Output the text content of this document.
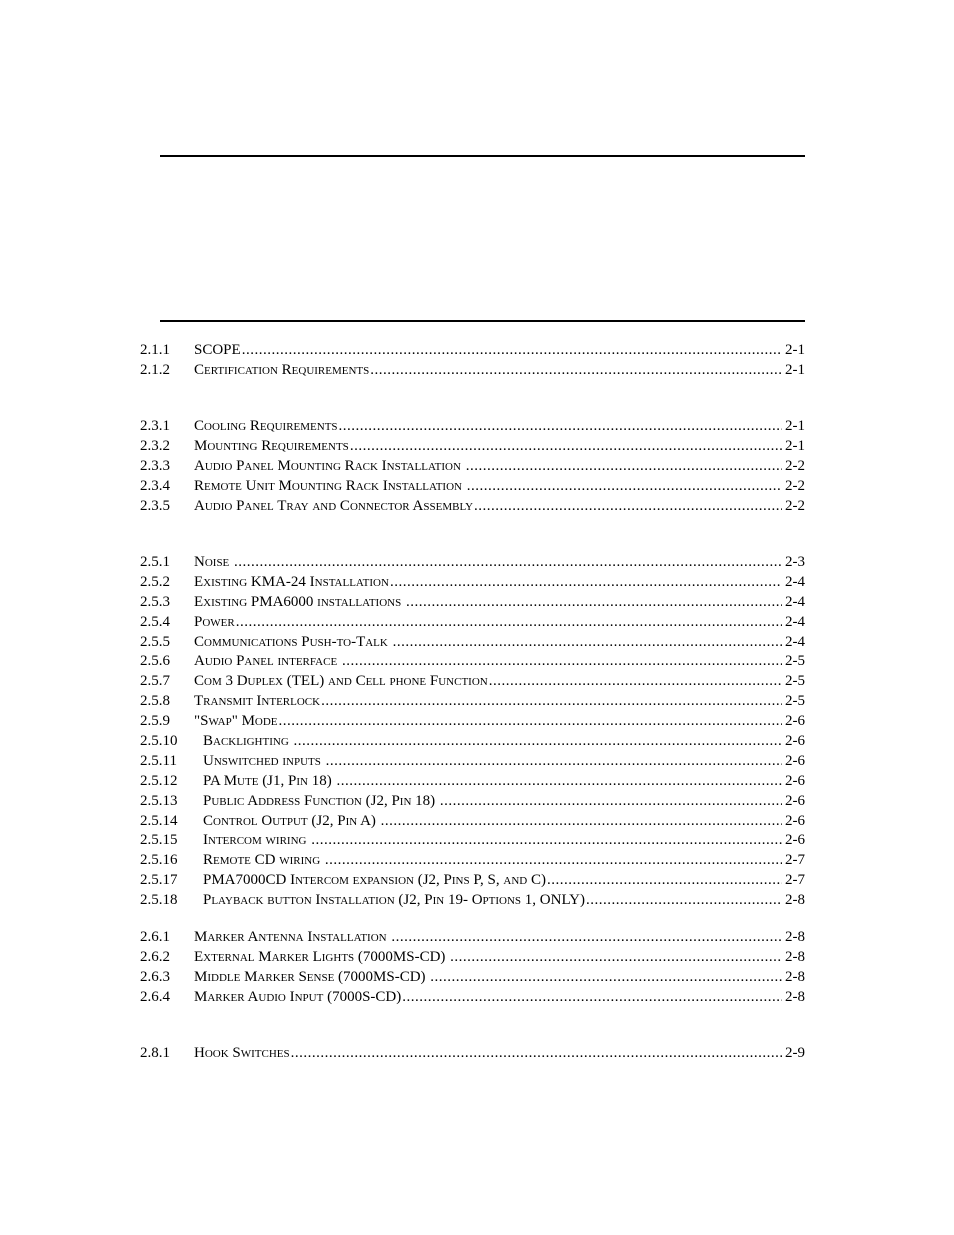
2.1.1 SCOPE .....	2-1
2.1.2 Certification Requirements .....	2-1
2.3.1 Cooling Requirements .....	2-1
2.3.2 Mounting Requirements .....	2-1
2.3.3 Audio Panel Mounting Rack Installation .....	2-2
2.3.4 Remote Unit Mounting Rack Installation .....	2-2
2.3.5 Audio Panel Tray and Connector Assembly .....	2-2
2.5.1 Noise .....	2-3
2.5.2 Existing KMA-24 Installation .....	2-4
2.5.3 Existing PMA6000 installations .....	2-4
2.5.4 Power .....	2-4
2.5.5 Communications Push-to-Talk .....	2-4
2.5.6 Audio Panel interface .....	2-5
2.5.7 Com 3 Duplex (TEL) and Cell phone Function .....	2-5
2.5.8 Transmit Interlock .....	2-5
2.5.9 "Swap" Mode .....	2-6
2.5.10 Backlighting .....	2-6
2.5.11 Unswitched inputs .....	2-6
2.5.12 PA Mute (J1, Pin 18) .....	2-6
2.5.13 Public Address Function (J2, Pin 18) .....	2-6
2.5.14 Control Output (J2, Pin A) .....	2-6
2.5.15 Intercom wiring .....	2-6
2.5.16 Remote CD wiring .....	2-7
2.5.17 PMA7000CD Intercom expansion (J2, Pins P, S, and C) .....	2-7
2.5.18 Playback button Installation (J2, Pin 19- Options 1, ONLY) .....	2-8
2.6.1 Marker Antenna Installation .....	2-8
2.6.2 External Marker Lights (7000MS-CD) .....	2-8
2.6.3 Middle Marker Sense (7000MS-CD) .....	2-8
2.6.4 Marker Audio Input (7000S-CD) .....	2-8
2.8.1 Hook Switches .....	2-9
